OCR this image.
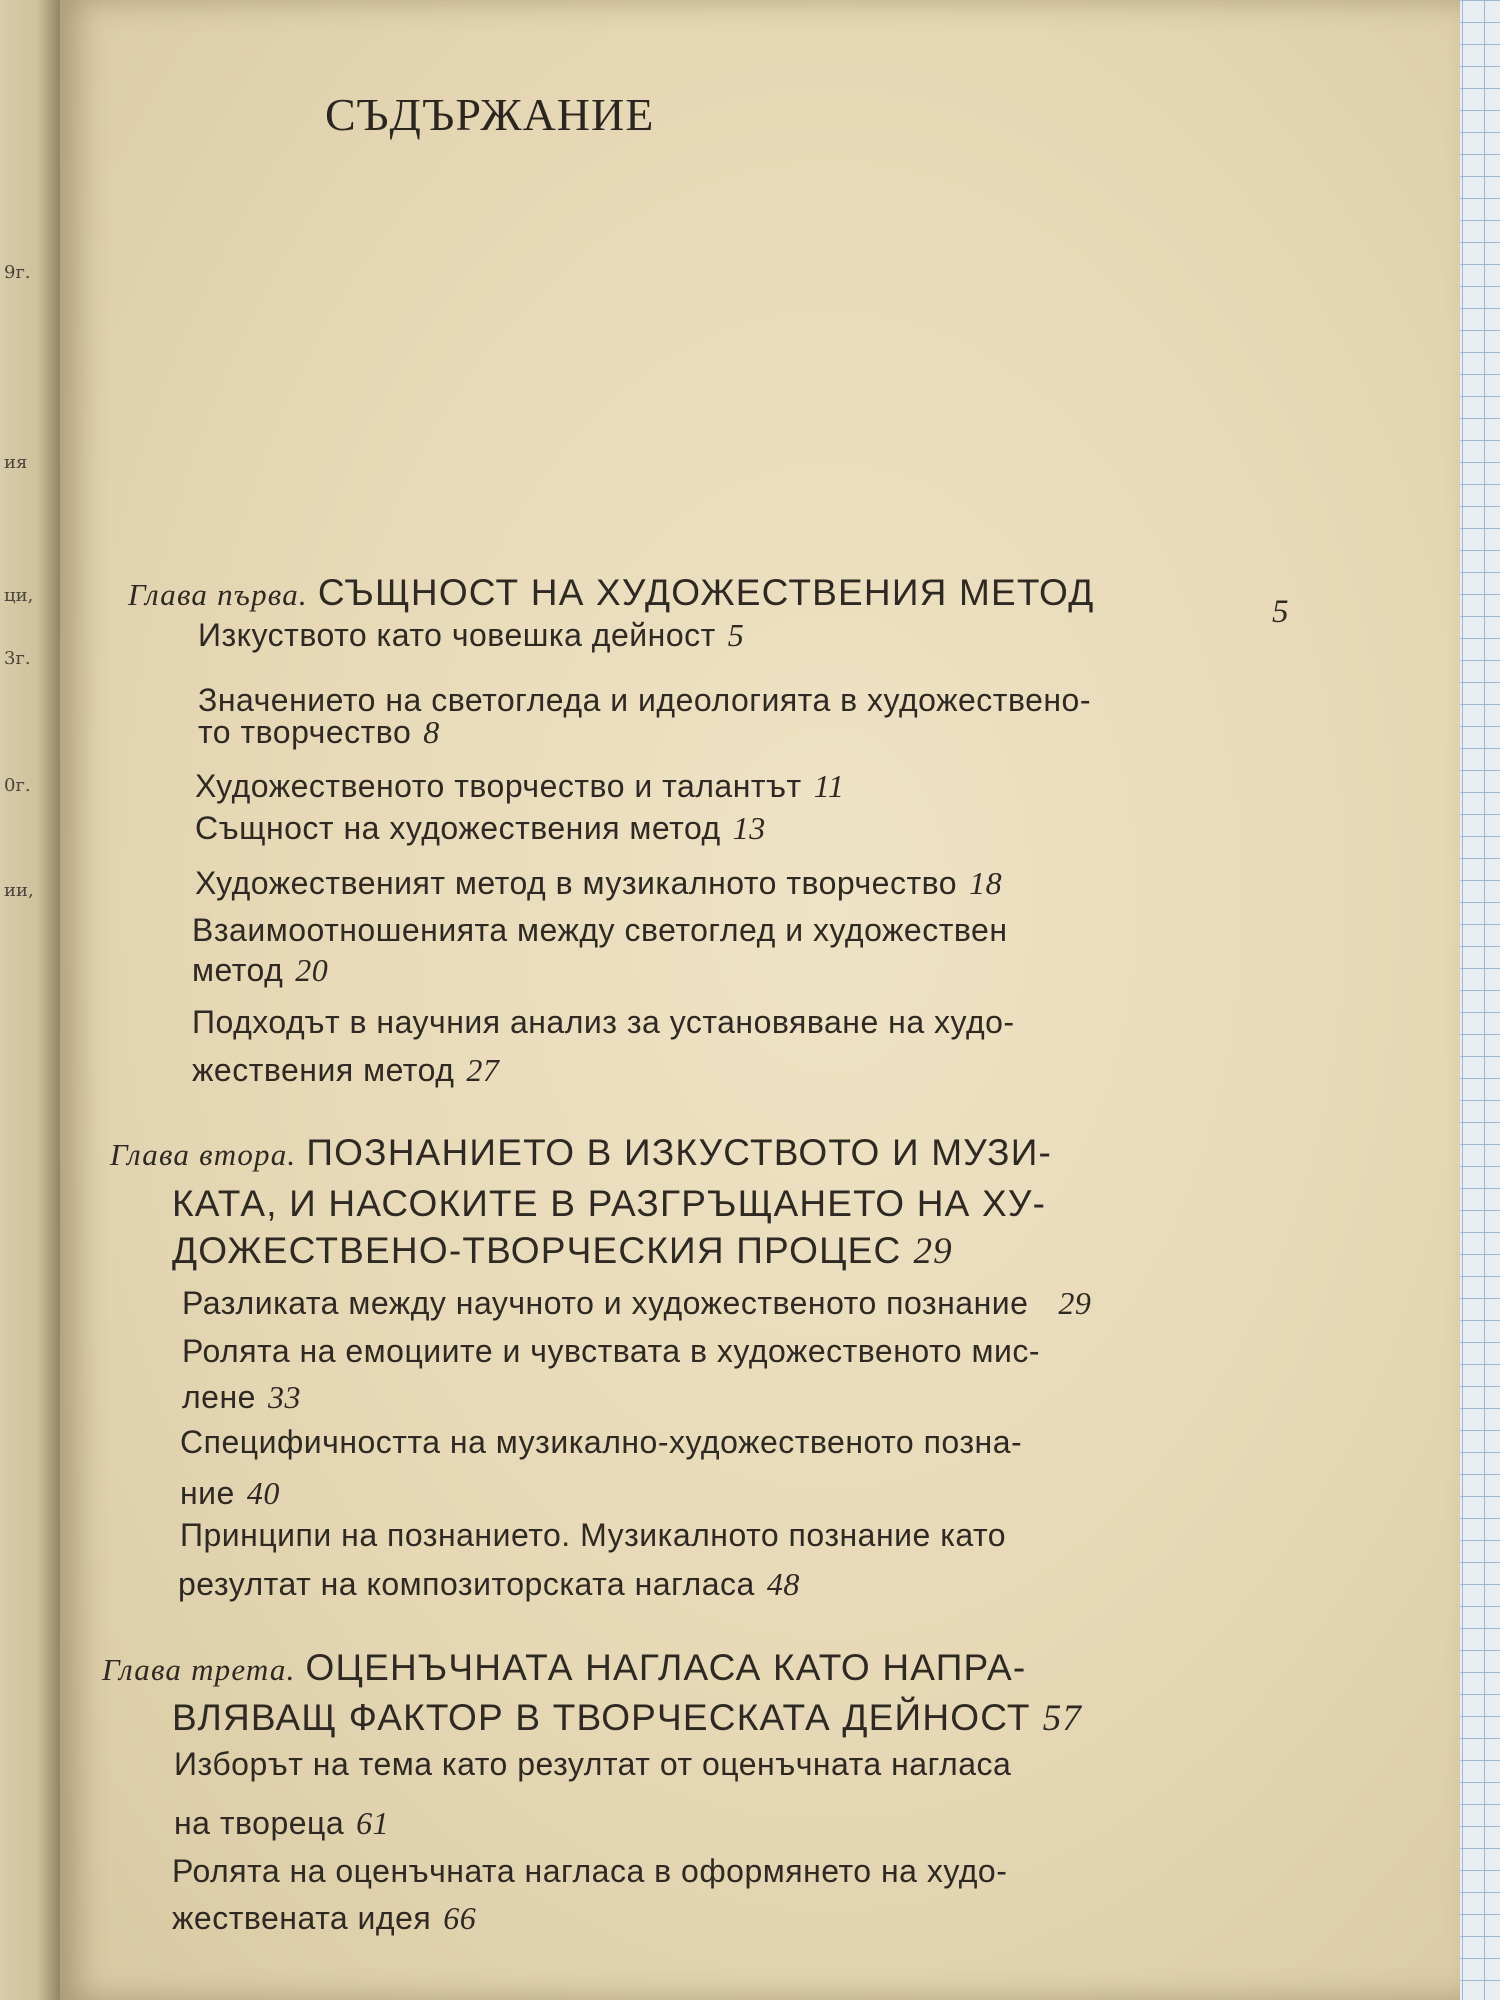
9г.
ия
ци,
3г.
0г.
ии,
СЪДЪРЖАНИЕ
Глава първа. СЪЩНОСТ НА ХУДОЖЕСТВЕНИЯ МЕТОД	5
Изкуството като човешка дейност 5
Значението на светогледа и идеологията в художествено-
то творчество 8
Художественото творчество и талантът 11
Същност на художествения метод 13
Художественият метод в музикалното творчество 18
Взаимоотношенията между светоглед и художествен
метод 20
Подходът в научния анализ за установяване на худо-
жествения метод 27
Глава втора. ПОЗНАНИЕТО В ИЗКУСТВОТО И МУЗИ-
КАТА, И НАСОКИТЕ В РАЗГРЪЩАНЕТО НА ХУ-
ДОЖЕСТВЕНО-ТВОРЧЕСКИЯ ПРОЦЕС 29
Разликата между научното и художественото познание 29
Ролята на емоциите и чувствата в художественото мис-
лене 33
Специфичността на музикално-художественото позна-
ние 40
Принципи на познанието. Музикалното познание като
резултат на композиторската нагласа 48
Глава трета. ОЦЕНЪЧНАТА НАГЛАСА КАТО НАПРА-
ВЛЯВАЩ ФАКТОР В ТВОРЧЕСКАТА ДЕЙНОСТ 57
Изборът на тема като резултат от оценъчната нагласа
на твореца 61
Ролята на оценъчната нагласа в оформянето на худо-
жествената идея 66
